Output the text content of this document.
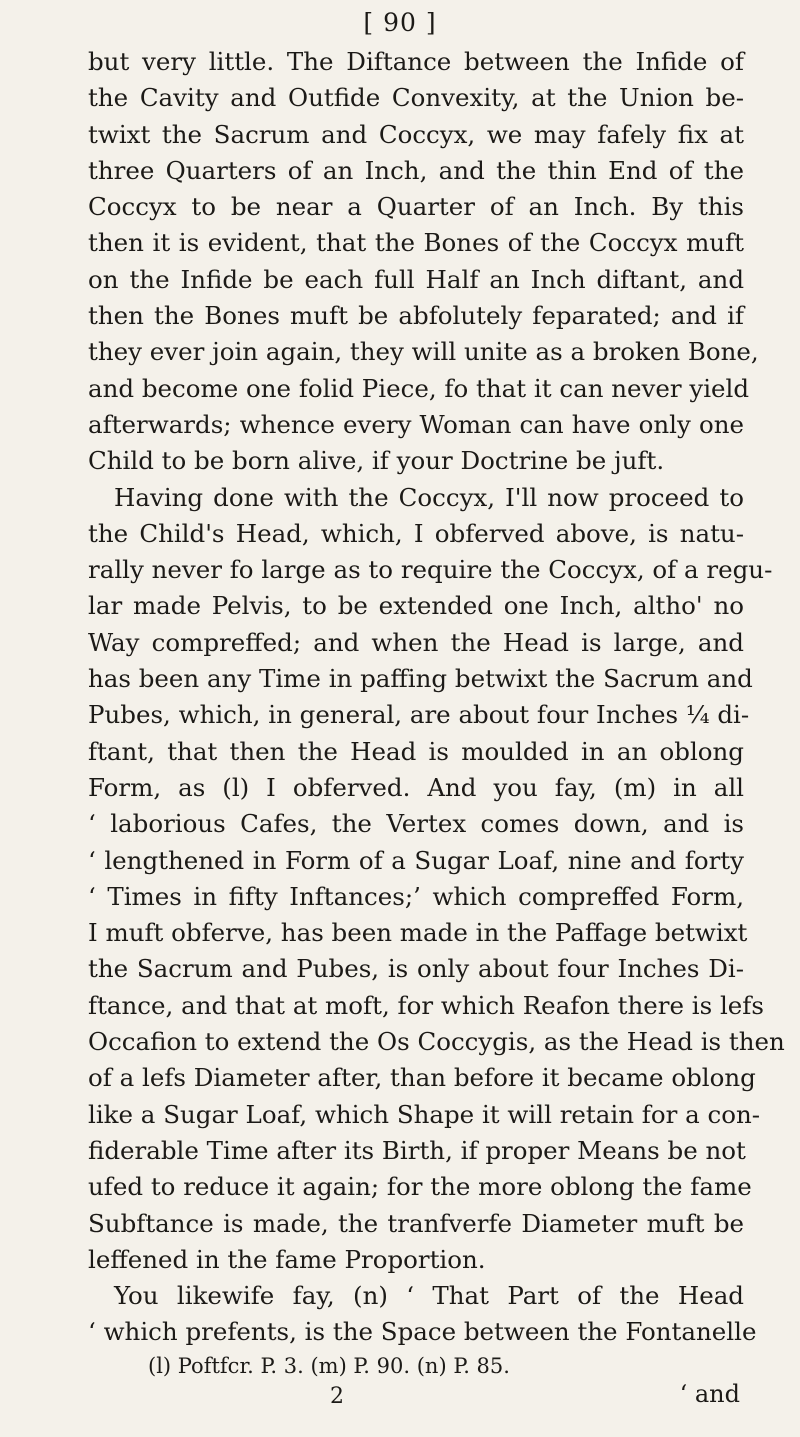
[ 90 ]
but very little. The Diftance between the Infide of
the Cavity and Outfide Convexity, at the Union be-
twixt the Sacrum and Coccyx, we may fafely fix at
three Quarters of an Inch, and the thin End of the
Coccyx to be near a Quarter of an Inch. By this
then it is evident, that the Bones of the Coccyx muft
on the Infide be each full Half an Inch diftant, and
then the Bones muft be abfolutely feparated; and if
they ever join again, they will unite as a broken Bone,
and become one folid Piece, fo that it can never yield
afterwards; whence every Woman can have only one
Child to be born alive, if your Doctrine be juft.
Having done with the Coccyx, I'll now proceed to
the Child's Head, which, I obferved above, is natu-
rally never fo large as to require the Coccyx, of a regu-
lar made Pelvis, to be extended one Inch, altho' no
Way compreffed; and when the Head is large, and
has been any Time in paffing betwixt the Sacrum and
Pubes, which, in general, are about four Inches ¼ di-
ftant, that then the Head is moulded in an oblong
Form, as (l) I obferved. And you fay, (m) in all
‘ laborious Cafes, the Vertex comes down, and is
‘ lengthened in Form of a Sugar Loaf, nine and forty
‘ Times in fifty Inftances;’ which compreffed Form,
I muft obferve, has been made in the Paffage betwixt
the Sacrum and Pubes, is only about four Inches Di-
ftance, and that at moft, for which Reafon there is lefs
Occafion to extend the Os Coccygis, as the Head is then
of a lefs Diameter after, than before it became oblong
like a Sugar Loaf, which Shape it will retain for a con-
fiderable Time after its Birth, if proper Means be not
ufed to reduce it again; for the more oblong the fame
Subftance is made, the tranfverfe Diameter muft be
leffened in the fame Proportion.
You likewife fay, (n) ‘ That Part of the Head
‘ which prefents, is the Space between the Fontanelle
(l) Poftfcr. P. 3. (m) P. 90. (n) P. 85.
2	‘ and
